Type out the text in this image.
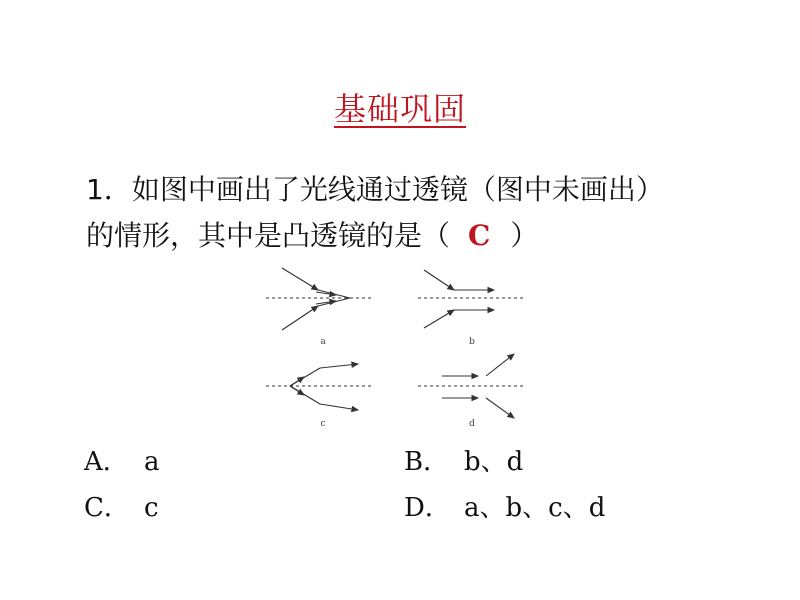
基础巩固
1．如图中画出了光线通过透镜（图中未画出）
的情形，其中是凸透镜的是（ C ）
a	b
c	d
A． a	B． b、d
C． c	D． a、b、c、d
